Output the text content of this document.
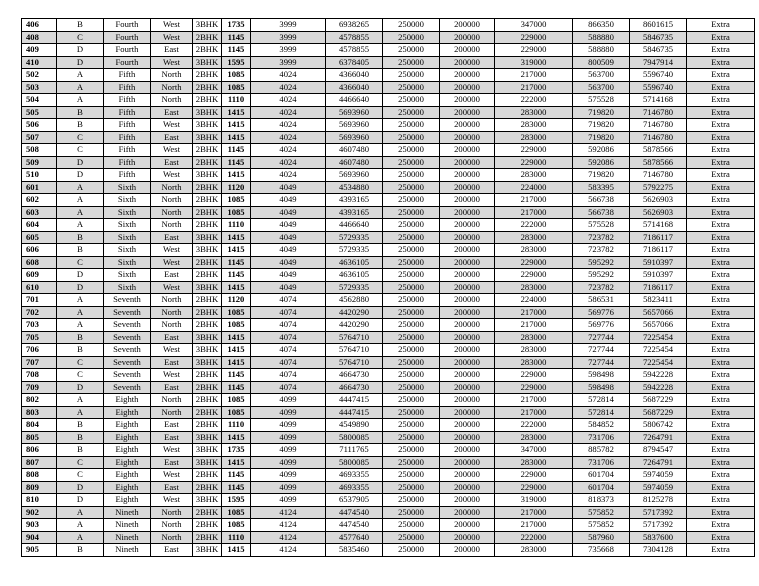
406	B	Fourth	West	3BHK	1735	3999	6938265	250000	200000	347000	866350	8601615	Extra
408	C	Fourth	West	2BHK	1145	3999	4578855	250000	200000	229000	588880	5846735	Extra
409	D	Fourth	East	2BHK	1145	3999	4578855	250000	200000	229000	588880	5846735	Extra
410	D	Fourth	West	3BHK	1595	3999	6378405	250000	200000	319000	800509	7947914	Extra
502	A	Fifth	North	2BHK	1085	4024	4366040	250000	200000	217000	563700	5596740	Extra
503	A	Fifth	North	2BHK	1085	4024	4366040	250000	200000	217000	563700	5596740	Extra
504	A	Fifth	North	2BHK	1110	4024	4466640	250000	200000	222000	575528	5714168	Extra
505	B	Fifth	East	3BHK	1415	4024	5693960	250000	200000	283000	719820	7146780	Extra
506	B	Fifth	West	3BHK	1415	4024	5693960	250000	200000	283000	719820	7146780	Extra
507	C	Fifth	East	3BHK	1415	4024	5693960	250000	200000	283000	719820	7146780	Extra
508	C	Fifth	West	2BHK	1145	4024	4607480	250000	200000	229000	592086	5878566	Extra
509	D	Fifth	East	2BHK	1145	4024	4607480	250000	200000	229000	592086	5878566	Extra
510	D	Fifth	West	3BHK	1415	4024	5693960	250000	200000	283000	719820	7146780	Extra
601	A	Sixth	North	2BHK	1120	4049	4534880	250000	200000	224000	583395	5792275	Extra
602	A	Sixth	North	2BHK	1085	4049	4393165	250000	200000	217000	566738	5626903	Extra
603	A	Sixth	North	2BHK	1085	4049	4393165	250000	200000	217000	566738	5626903	Extra
604	A	Sixth	North	2BHK	1110	4049	4466640	250000	200000	222000	575528	5714168	Extra
605	B	Sixth	East	3BHK	1415	4049	5729335	250000	200000	283000	723782	7186117	Extra
606	B	Sixth	West	3BHK	1415	4049	5729335	250000	200000	283000	723782	7186117	Extra
608	C	Sixth	West	2BHK	1145	4049	4636105	250000	200000	229000	595292	5910397	Extra
609	D	Sixth	East	2BHK	1145	4049	4636105	250000	200000	229000	595292	5910397	Extra
610	D	Sixth	West	3BHK	1415	4049	5729335	250000	200000	283000	723782	7186117	Extra
701	A	Seventh	North	2BHK	1120	4074	4562880	250000	200000	224000	586531	5823411	Extra
702	A	Seventh	North	2BHK	1085	4074	4420290	250000	200000	217000	569776	5657066	Extra
703	A	Seventh	North	2BHK	1085	4074	4420290	250000	200000	217000	569776	5657066	Extra
705	B	Seventh	East	3BHK	1415	4074	5764710	250000	200000	283000	727744	7225454	Extra
706	B	Seventh	West	3BHK	1415	4074	5764710	250000	200000	283000	727744	7225454	Extra
707	C	Seventh	East	3BHK	1415	4074	5764710	250000	200000	283000	727744	7225454	Extra
708	C	Seventh	West	2BHK	1145	4074	4664730	250000	200000	229000	598498	5942228	Extra
709	D	Seventh	East	2BHK	1145	4074	4664730	250000	200000	229000	598498	5942228	Extra
802	A	Eighth	North	2BHK	1085	4099	4447415	250000	200000	217000	572814	5687229	Extra
803	A	Eighth	North	2BHK	1085	4099	4447415	250000	200000	217000	572814	5687229	Extra
804	B	Eighth	East	2BHK	1110	4099	4549890	250000	200000	222000	584852	5806742	Extra
805	B	Eighth	East	3BHK	1415	4099	5800085	250000	200000	283000	731706	7264791	Extra
806	B	Eighth	West	3BHK	1735	4099	7111765	250000	200000	347000	885782	8794547	Extra
807	C	Eighth	East	3BHK	1415	4099	5800085	250000	200000	283000	731706	7264791	Extra
808	C	Eighth	West	2BHK	1145	4099	4693355	250000	200000	229000	601704	5974059	Extra
809	D	Eighth	East	2BHK	1145	4099	4693355	250000	200000	229000	601704	5974059	Extra
810	D	Eighth	West	3BHK	1595	4099	6537905	250000	200000	319000	818373	8125278	Extra
902	A	Nineth	North	2BHK	1085	4124	4474540	250000	200000	217000	575852	5717392	Extra
903	A	Nineth	North	2BHK	1085	4124	4474540	250000	200000	217000	575852	5717392	Extra
904	A	Nineth	North	2BHK	1110	4124	4577640	250000	200000	222000	587960	5837600	Extra
905	B	Nineth	East	3BHK	1415	4124	5835460	250000	200000	283000	735668	7304128	Extra
